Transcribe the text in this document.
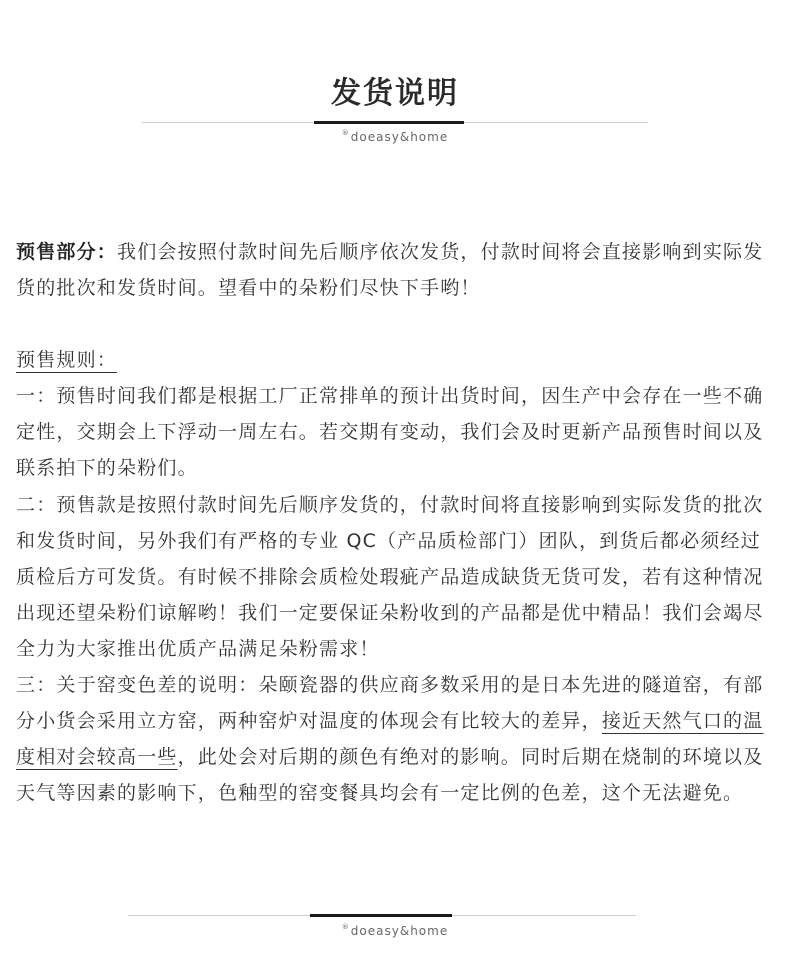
发货说明
®doeasy&home

预售部分：我们会按照付款时间先后顺序依次发货，付款时间将会直接影响到实际发货的批次和发货时间。望看中的朵粉们尽快下手哟！

预售规则：

一：预售时间我们都是根据工厂正常排单的预计出货时间，因生产中会存在一些不确定性，交期会上下浮动一周左右。若交期有变动，我们会及时更新产品预售时间以及联系拍下的朵粉们。

二：预售款是按照付款时间先后顺序发货的，付款时间将直接影响到实际发货的批次和发货时间，另外我们有严格的专业 QC（产品质检部门）团队，到货后都必须经过质检后方可发货。有时候不排除会质检处瑕疵产品造成缺货无货可发，若有这种情况出现还望朵粉们谅解哟！我们一定要保证朵粉收到的产品都是优中精品！我们会竭尽全力为大家推出优质产品满足朵粉需求！

三：关于窑变色差的说明：朵颐瓷器的供应商多数采用的是日本先进的隧道窑，有部分小货会采用立方窑，两种窑炉对温度的体现会有比较大的差异，接近天然气口的温度相对会较高一些，此处会对后期的颜色有绝对的影响。同时后期在烧制的环境以及天气等因素的影响下，色釉型的窑变餐具均会有一定比例的色差，这个无法避免。

®doeasy&home
